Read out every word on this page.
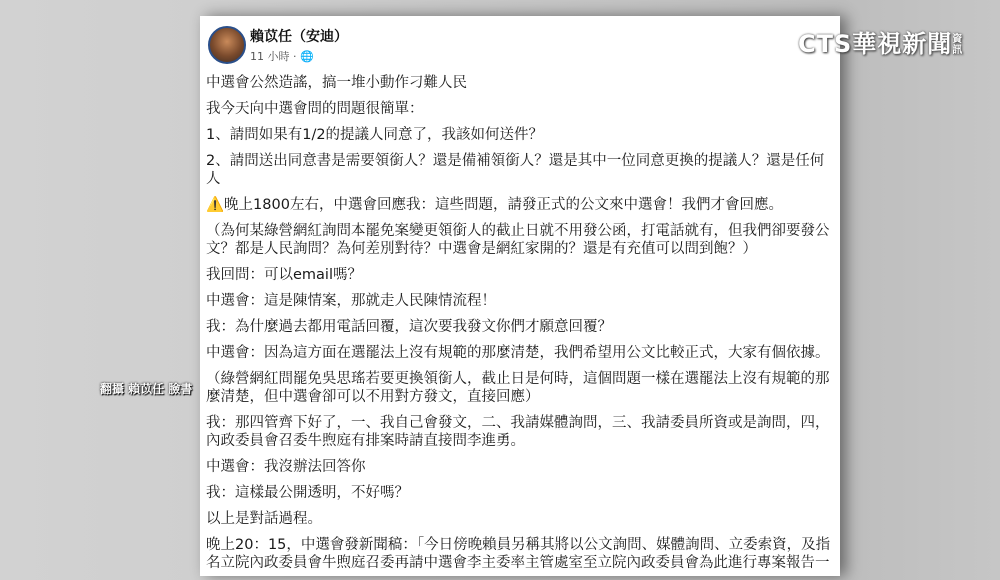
賴苡任（安迪）
11 小時 · 🌐

中選會公然造謠，搞一堆小動作刁難人民

我今天向中選會問的問題很簡單：

1、請問如果有1/2的提議人同意了，我該如何送件？

2、請問送出同意書是需要領銜人？還是備補領銜人？還是其中一位同意更換的提議人？還是任何人

⚠️晚上1800左右，中選會回應我：這些問題，請發正式的公文來中選會！我們才會回應。

（為何某綠營網紅詢問本罷免案變更領銜人的截止日就不用發公函，打電話就有，但我們卻要發公文？都是人民詢問？為何差別對待？中選會是網紅家開的？還是有充值可以問到飽？）

我回問：可以email嗎？

中選會：這是陳情案，那就走人民陳情流程！

我：為什麼過去都用電話回覆，這次要我發文你們才願意回覆？

中選會：因為這方面在選罷法上沒有規範的那麼清楚，我們希望用公文比較正式，大家有個依據。

（綠營網紅問罷免吳思瑤若要更換領銜人，截止日是何時，這個問題一樣在選罷法上沒有規範的那麼清楚，但中選會卻可以不用對方發文，直接回應）

我：那四管齊下好了，一、我自己會發文，二、我請媒體詢問，三、我請委員所資或是詢問，四，內政委員會召委牛煦庭有排案時請直接問李進勇。

中選會：我沒辦法回答你

我：這樣最公開透明，不好嗎？

以上是對話過程。

晚上20：15，中選會發新聞稿：「今日傍晚賴員另稱其將以公文詢問、媒體詢問、立委索資，及指名立院內政委員會牛煦庭召委再請中選會李主委率主管處室至立院內政委員會為此進行專案報告一

CTS華視新聞資訊
翻攝 賴苡任 臉書
